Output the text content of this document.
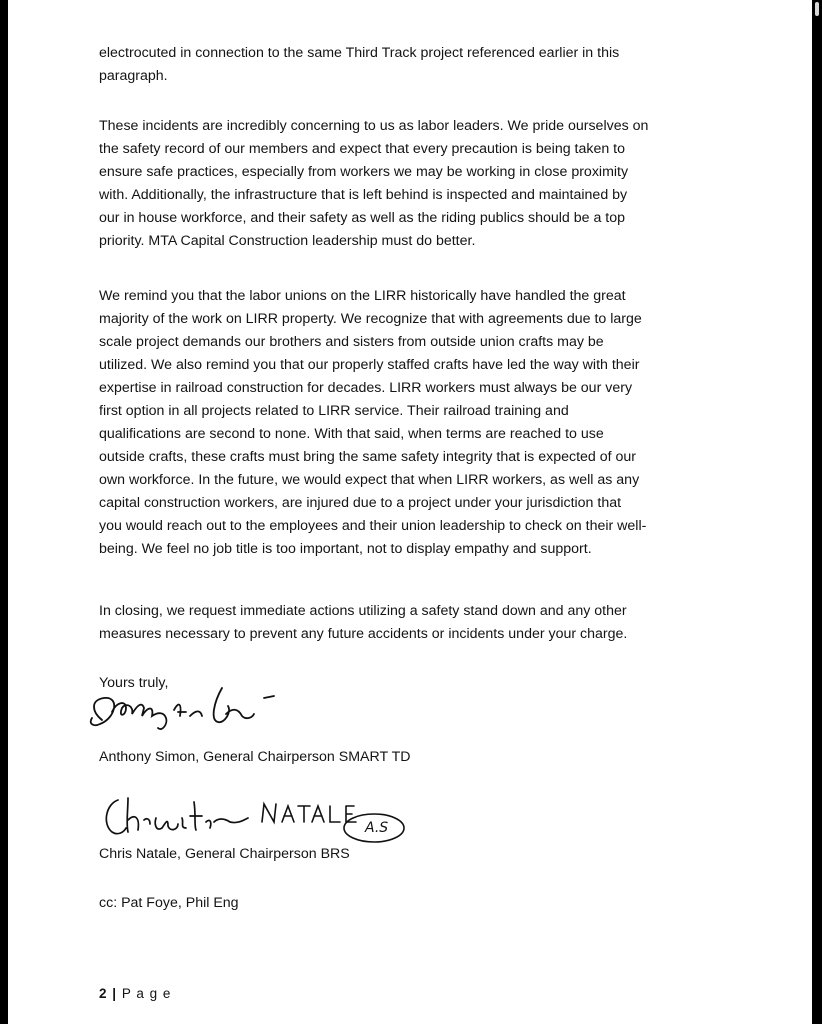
electrocuted in connection to the same Third Track project referenced earlier in this
paragraph.

These incidents are incredibly concerning to us as labor leaders. We pride ourselves on
the safety record of our members and expect that every precaution is being taken to
ensure safe practices, especially from workers we may be working in close proximity
with. Additionally, the infrastructure that is left behind is inspected and maintained by
our in house workforce, and their safety as well as the riding publics should be a top
priority. MTA Capital Construction leadership must do better.

We remind you that the labor unions on the LIRR historically have handled the great
majority of the work on LIRR property. We recognize that with agreements due to large
scale project demands our brothers and sisters from outside union crafts may be
utilized. We also remind you that our properly staffed crafts have led the way with their
expertise in railroad construction for decades. LIRR workers must always be our very
first option in all projects related to LIRR service. Their railroad training and
qualifications are second to none. With that said, when terms are reached to use
outside crafts, these crafts must bring the same safety integrity that is expected of our
own workforce. In the future, we would expect that when LIRR workers, as well as any
capital construction workers, are injured due to a project under your jurisdiction that
you would reach out to the employees and their union leadership to check on their well-
being. We feel no job title is too important, not to display empathy and support.

In closing, we request immediate actions utilizing a safety stand down and any other
measures necessary to prevent any future accidents or incidents under your charge.

Yours truly,
Anthony Simon, General Chairperson SMART TD
A.S
Chris Natale, General Chairperson BRS
cc: Pat Foye, Phil Eng
2 | P a g e
